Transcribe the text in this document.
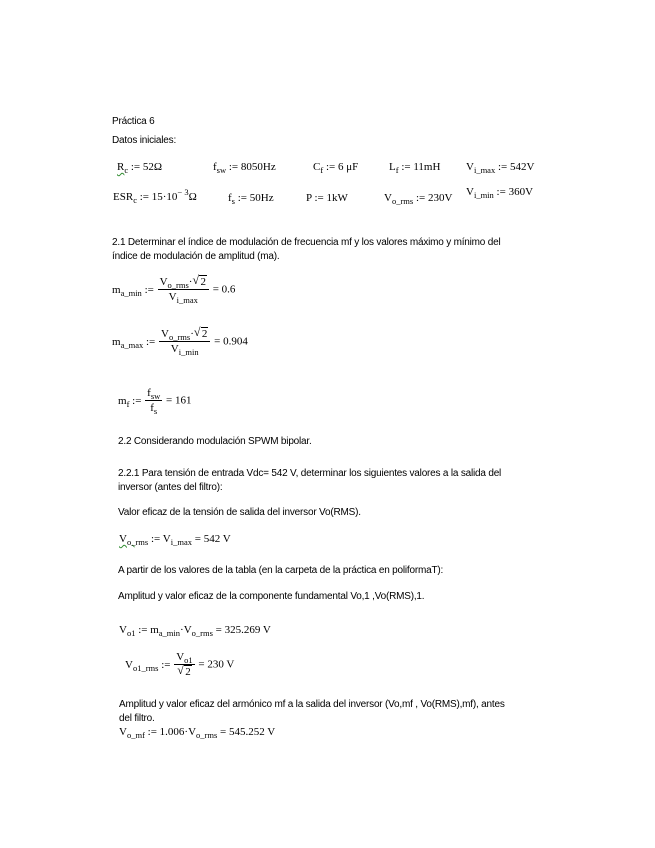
Práctica 6
Datos iniciales:
$R_c$ := 52Ω	$f_{sw}$ := 8050Hz	$C_f$ := 6 μF	$L_f$ := 11mH $V_{i\_max}$ := 542V
$ESR_c$ := $15\cdot 10^{- 3}\Omega$	$f_s$ := 50Hz	P := 1kW	$V_{o\_rms}$ := 230V $V_{i\_min}$ := 360V
2.1 Determinar el índice de modulación de frecuencia mf y los valores máximo y mínimo del
índice de modulación de amplitud (ma).
$m_{a\_min}$ := $\frac{V_{o\_rms}\cdot √ 2}{V_{i\_max}} = 0.6$
$m_{a\_max}$ := $\frac{V_{o\_rms}\cdot √ 2}{V_{i\_min}} = 0.904$
$m_f$ := $\frac{f_{sw}}{f_s} = 161$
2.2 Considerando modulación SPWM bipolar.
2.2.1 Para tensión de entrada Vdc= 542 V, determinar los siguientes valores a la salida del
inversor (antes del filtro):
Valor eficaz de la tensión de salida del inversor Vo(RMS).
$V_{o\_rms}$ := $V_{i\_max} = 542$ V
A partir de los valores de la tabla (en la carpeta de la práctica en poliformaT):
Amplitud y valor eficaz de la componente fundamental Vo,1 ,Vo(RMS),1.
$V_{o1}$ := $m_{a\_min}\cdot V_{o\_rms} = 325.269$ V
$V_{o1\_rms}$ := $\frac{V_{o1}}{√ 2} = 230$ V
Amplitud y valor eficaz del armónico mf a la salida del inversor (Vo,mf , Vo(RMS),mf), antes
del filtro.
$V_{o\_mf}$ := $1.006\cdot V_{o\_rms} = 545.252$ V
